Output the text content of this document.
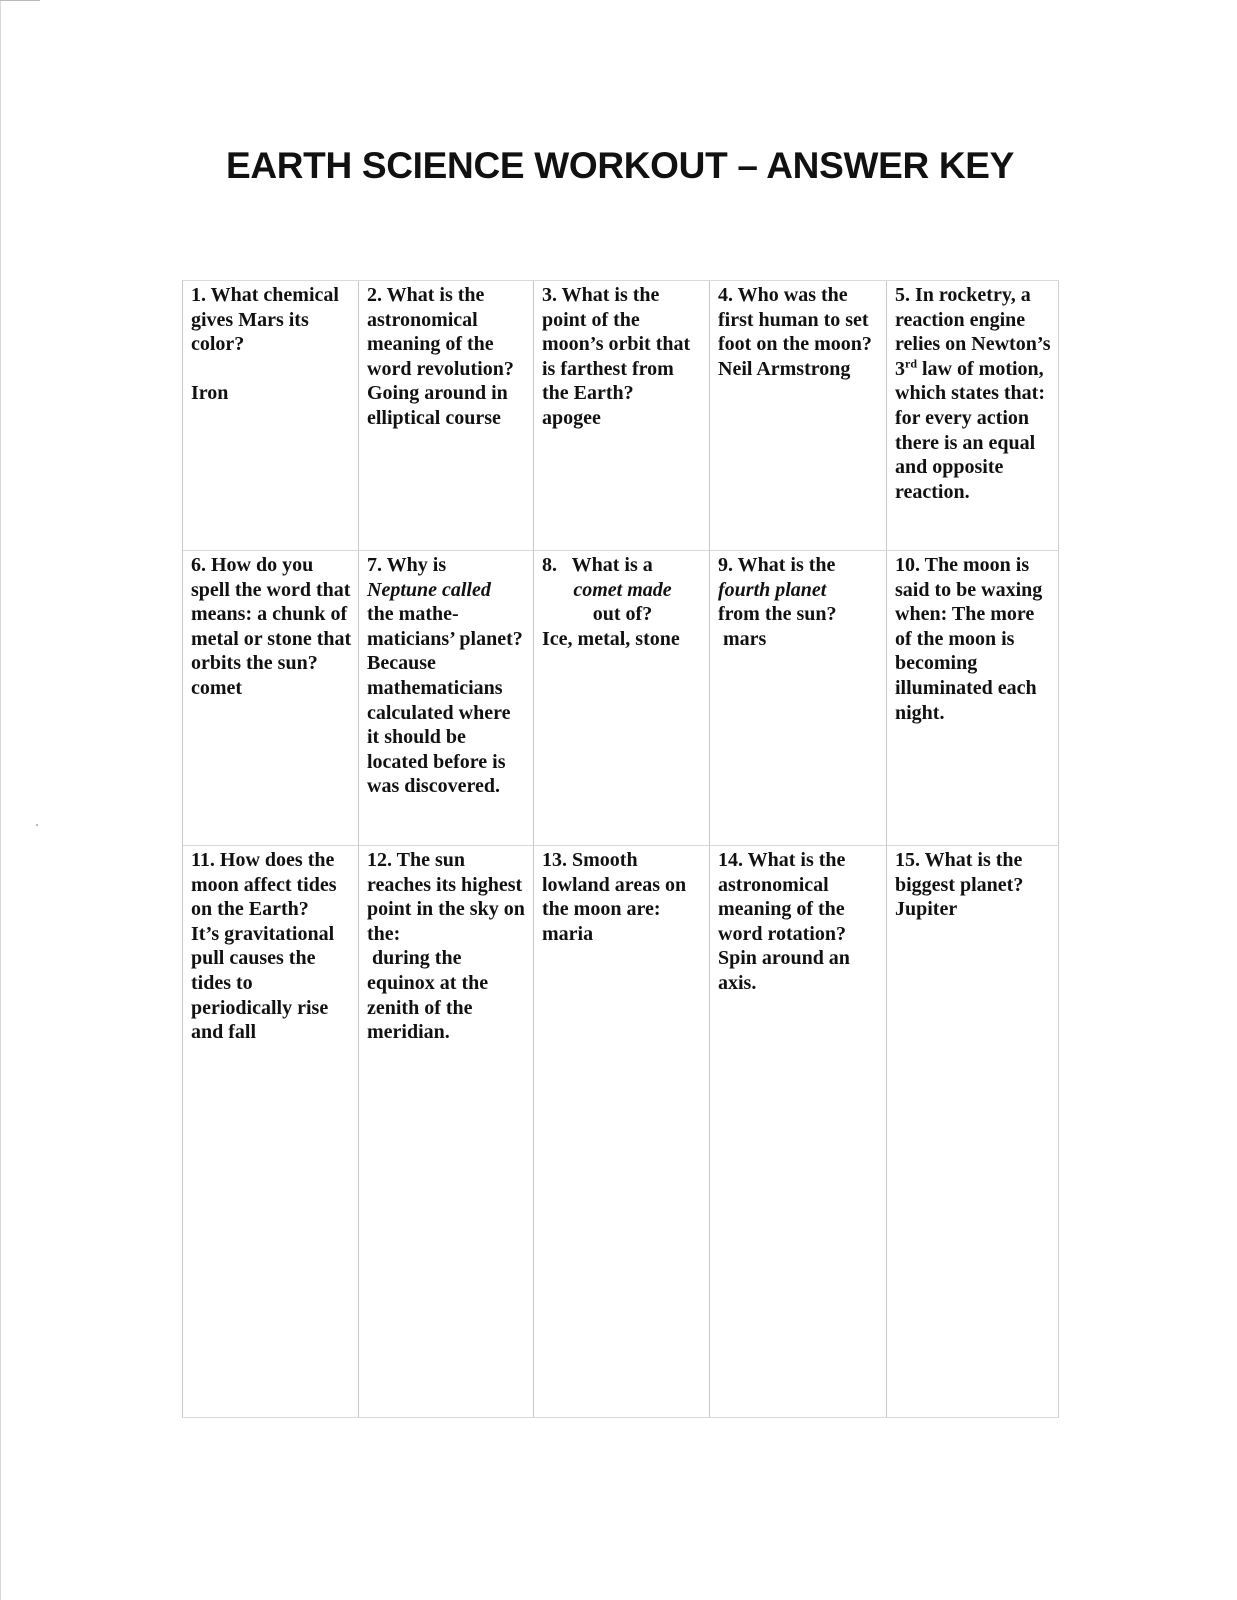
EARTH SCIENCE WORKOUT – ANSWER KEY
1. What chemical gives Mars its color?

Iron
2. What is the astronomical meaning of the word revolution?
Going around in elliptical course
3. What is the point of the moon’s orbit that is farthest from the Earth?
apogee
4. Who was the first human to set foot on the moon?
Neil Armstrong
5. In rocketry, a reaction engine relies on Newton’s 3rd law of motion, which states that: for every action there is an equal and opposite reaction.
6. How do you spell the word that means: a chunk of metal or stone that orbits the sun?
comet
7. Why is
Neptune called
the mathe- maticians’ planet?
Because mathematicians calculated where it should be located before is was discovered.
8. What is a
comet made
out of?
Ice, metal, stone
9. What is the
fourth planet
from the sun?
mars
10. The moon is said to be waxing when: The more of the moon is becoming illuminated each night.
11. How does the moon affect tides on the Earth?
It’s gravitational pull causes the tides to periodically rise and fall
12. The sun reaches its highest point in the sky on the:
during the equinox at the zenith of the meridian.
13. Smooth lowland areas on the moon are:
maria
14. What is the astronomical meaning of the word rotation?
Spin around an axis.
15. What is the biggest planet?
Jupiter
